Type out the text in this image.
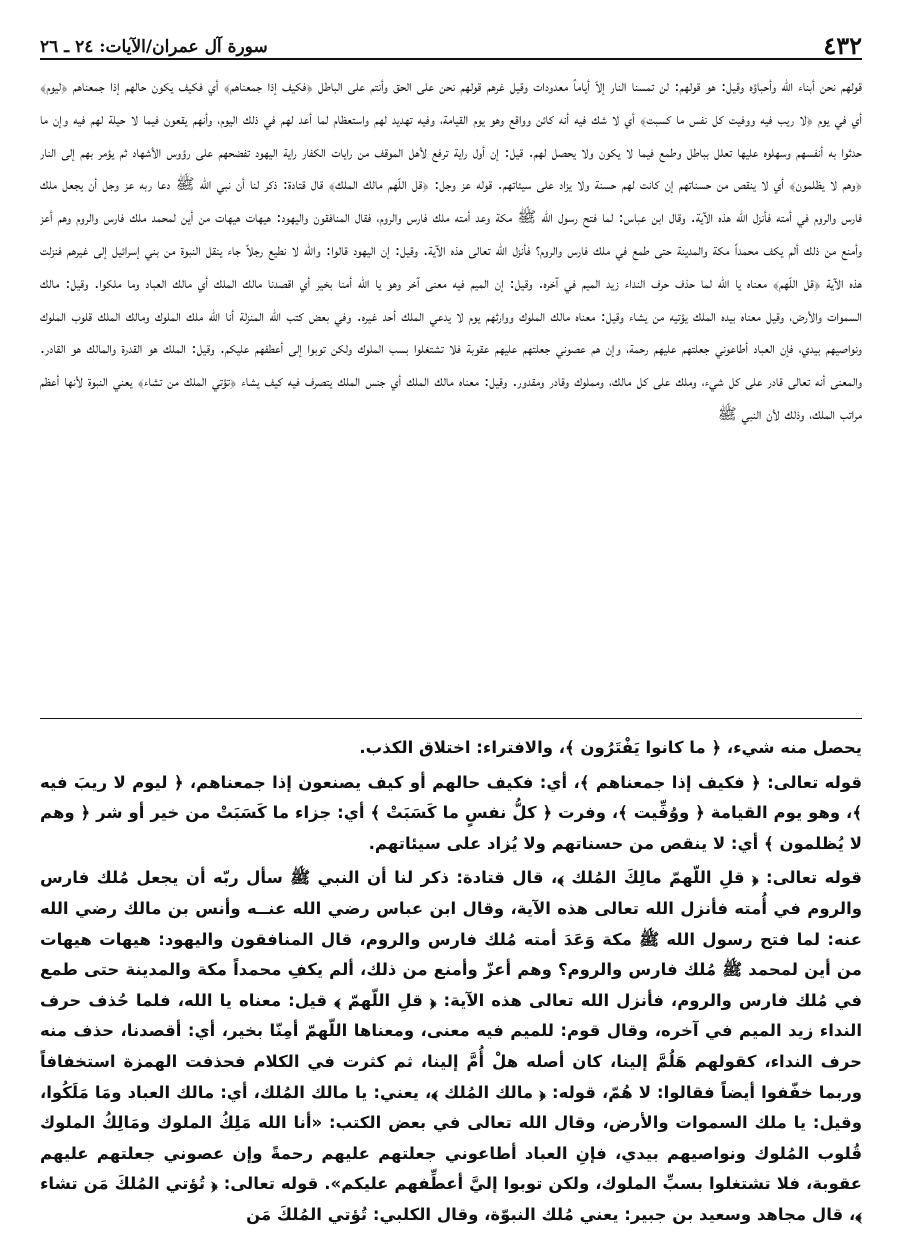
٤٣٢
سورة آل عمران/الآيات: ٢٤ ـ ٢٦

قولهم نحن أبناء الله وأحباؤه وقيل: هو قولهم: لن تمسنا النار إلاّ أياماً معدودات وقيل غرهم قولهم نحن على الحق وأنتم على الباطل ﴿فكيف إذا جمعناهم﴾ أي فكيف يكون حالهم إذا جمعناهم ﴿ليوم﴾ أي في يوم ﴿لا ريب فيه ووفيت كل نفس ما كسبت﴾ أي لا شك فيه أنه كائن وواقع وهو يوم القيامة، وفيه تهديد لهم واستعظام لما أعد لهم في ذلك اليوم، وأنهم يقعون فيما لا حيلة لهم فيه وإن ما حدثوا به أنفسهم وسهلوه عليها تعلل بباطل وطمع فيما لا يكون ولا يحصل لهم. قيل: إن أول راية ترفع لأهل الموقف من رايات الكفار راية اليهود تفضحهم على رؤوس الأشهاد ثم يؤمر بهم إلى النار ﴿وهم لا يظلمون﴾ أي لا ينقص من حسناتهم إن كانت لهم حسنة ولا يزاد على سيئاتهم. قوله عز وجل: ﴿قل اللّهم مالك الملك﴾ قال قتادة: ذكر لنا أن نبي الله ﷺ دعا ربه عز وجل أن يجعل ملك فارس والروم في أمته فأنزل الله هذه الآية. وقال ابن عباس: لما فتح رسول الله ﷺ مكة وعد أمته ملك فارس والروم، فقال المنافقون واليهود: هيهات هيهات من أين لمحمد ملك فارس والروم وهم أعز وأمنع من ذلك ألم يكف محمداً مكة والمدينة حتى طمع في ملك فارس والروم؟ فأنزل الله تعالى هذه الآية. وقيل: إن اليهود قالوا: والله لا نطيع رجلاً جاء ينقل النبوة من بني إسرائيل إلى غيرهم فنزلت هذه الآية ﴿قل اللّهم﴾ معناه يا الله لما حذف حرف النداء زيد الميم في آخره. وقيل: إن الميم فيه معنى آخر وهو يا الله أمنا بخير أي اقصدنا مالك الملك أي مالك العباد وما ملكوا. وقيل: مالك السموات والأرض، وقيل معناه بيده الملك يؤتيه من يشاء وقيل: معناه مالك الملوك ووارثهم يوم لا يدعي الملك أحد غيره. وفي بعض كتب الله المنزلة أنا الله ملك الملوك ومالك الملك قلوب الملوك ونواصيهم بيدي، فإن العباد أطاعوني جعلتهم عليهم رحمة، وإن هم عصوني جعلتهم عليهم عقوبة فلا تشتغلوا بسب الملوك ولكن توبوا إلى أعطفهم عليكم. وقيل: الملك هو القدرة والمالك هو القادر. والمعنى أنه تعالى قادر على كل شيء، وملك على كل مالك، ومملوك وقادر ومقدور. وقيل: معناه مالك الملك أي جنس الملك يتصرف فيه كيف يشاء ﴿تؤتي الملك من تشاء﴾ يعني النبوة لأنها أعظم مراتب الملك، وذلك لأن النبي ﷺ

يحصل منه شيء، ﴿ ما كانوا يَفْتَرُون ﴾، والافتراء: اختلاق الكذب.

قوله تعالى: ﴿ فكيف إذا جمعناهم ﴾، أي: فكيف حالهم أو كيف يصنعون إذا جمعناهم، ﴿ ليوم لا ريبَ فيه ﴾، وهو يوم القيامة ﴿ ووُفِّيت ﴾، وفرت ﴿ كلُّ نفسٍ ما كَسَبَتْ ﴾ أي: جزاء ما كَسَبَتْ من خير أو شر ﴿ وهم لا يُظلمون ﴾ أي: لا ينقص من حسناتهم ولا يُزاد على سيئاتهم.

قوله تعالى: ﴿ قلِ اللّهمّ مالِكَ المُلك ﴾، قال قتادة: ذكر لنا أن النبي ﷺ سأل ربّه أن يجعل مُلك فارس والروم في أُمته فأنزل الله تعالى هذه الآية، وقال ابن عباس رضي الله عنــه وأنس بن مالك رضي الله عنه: لما فتح رسول الله ﷺ مكة وَعَدَ أمته مُلك فارس والروم، قال المنافقون واليهود: هيهات هيهات من أين لمحمد ﷺ مُلك فارس والروم؟ وهم أعزّ وأمنع من ذلك، ألم يكفِ محمداً مكة والمدينة حتى طمع في مُلك فارس والروم، فأنزل الله تعالى هذه الآية: ﴿ قلِ اللّهمّ ﴾ قيل: معناه يا الله، فلما حُذف حرف النداء زيد الميم في آخره، وقال قوم: للميم فيه معنى، ومعناها اللّهمّ أمِنّا بخير، أي: أقصدنا، حذف منه حرف النداء، كقولهم هَلُمَّ إلينا، كان أصله هلْ أُمَّ إلينا، ثم كثرت في الكلام فحذفت الهمزة استخفافاً وربما خفّفوا أيضاً فقالوا: لا هُمّ، قوله: ﴿ مالك المُلك ﴾، يعني: يا مالك المُلك، أي: مالك العباد ومَا مَلَكُوا، وقيل: يا ملك السموات والأرض، وقال الله تعالى في بعض الكتب: «أنا الله مَلِكُ الملوك ومَالِكُ الملوك قُلوب المُلوك ونواصيهم بيدي، فإنِ العباد أطاعوني جعلتهم عليهم رحمةً وإن عصوني جعلتهم عليهم عقوبة، فلا تشتغلوا بسبِّ الملوك، ولكن توبوا إليَّ أعطِّفهم عليكم». قوله تعالى: ﴿ تُؤتي المُلكَ مَن تشاء ﴾، قال مجاهد وسعيد بن جبير: يعني مُلك النبوّة، وقال الكلبي: تُؤتي المُلكَ مَن
